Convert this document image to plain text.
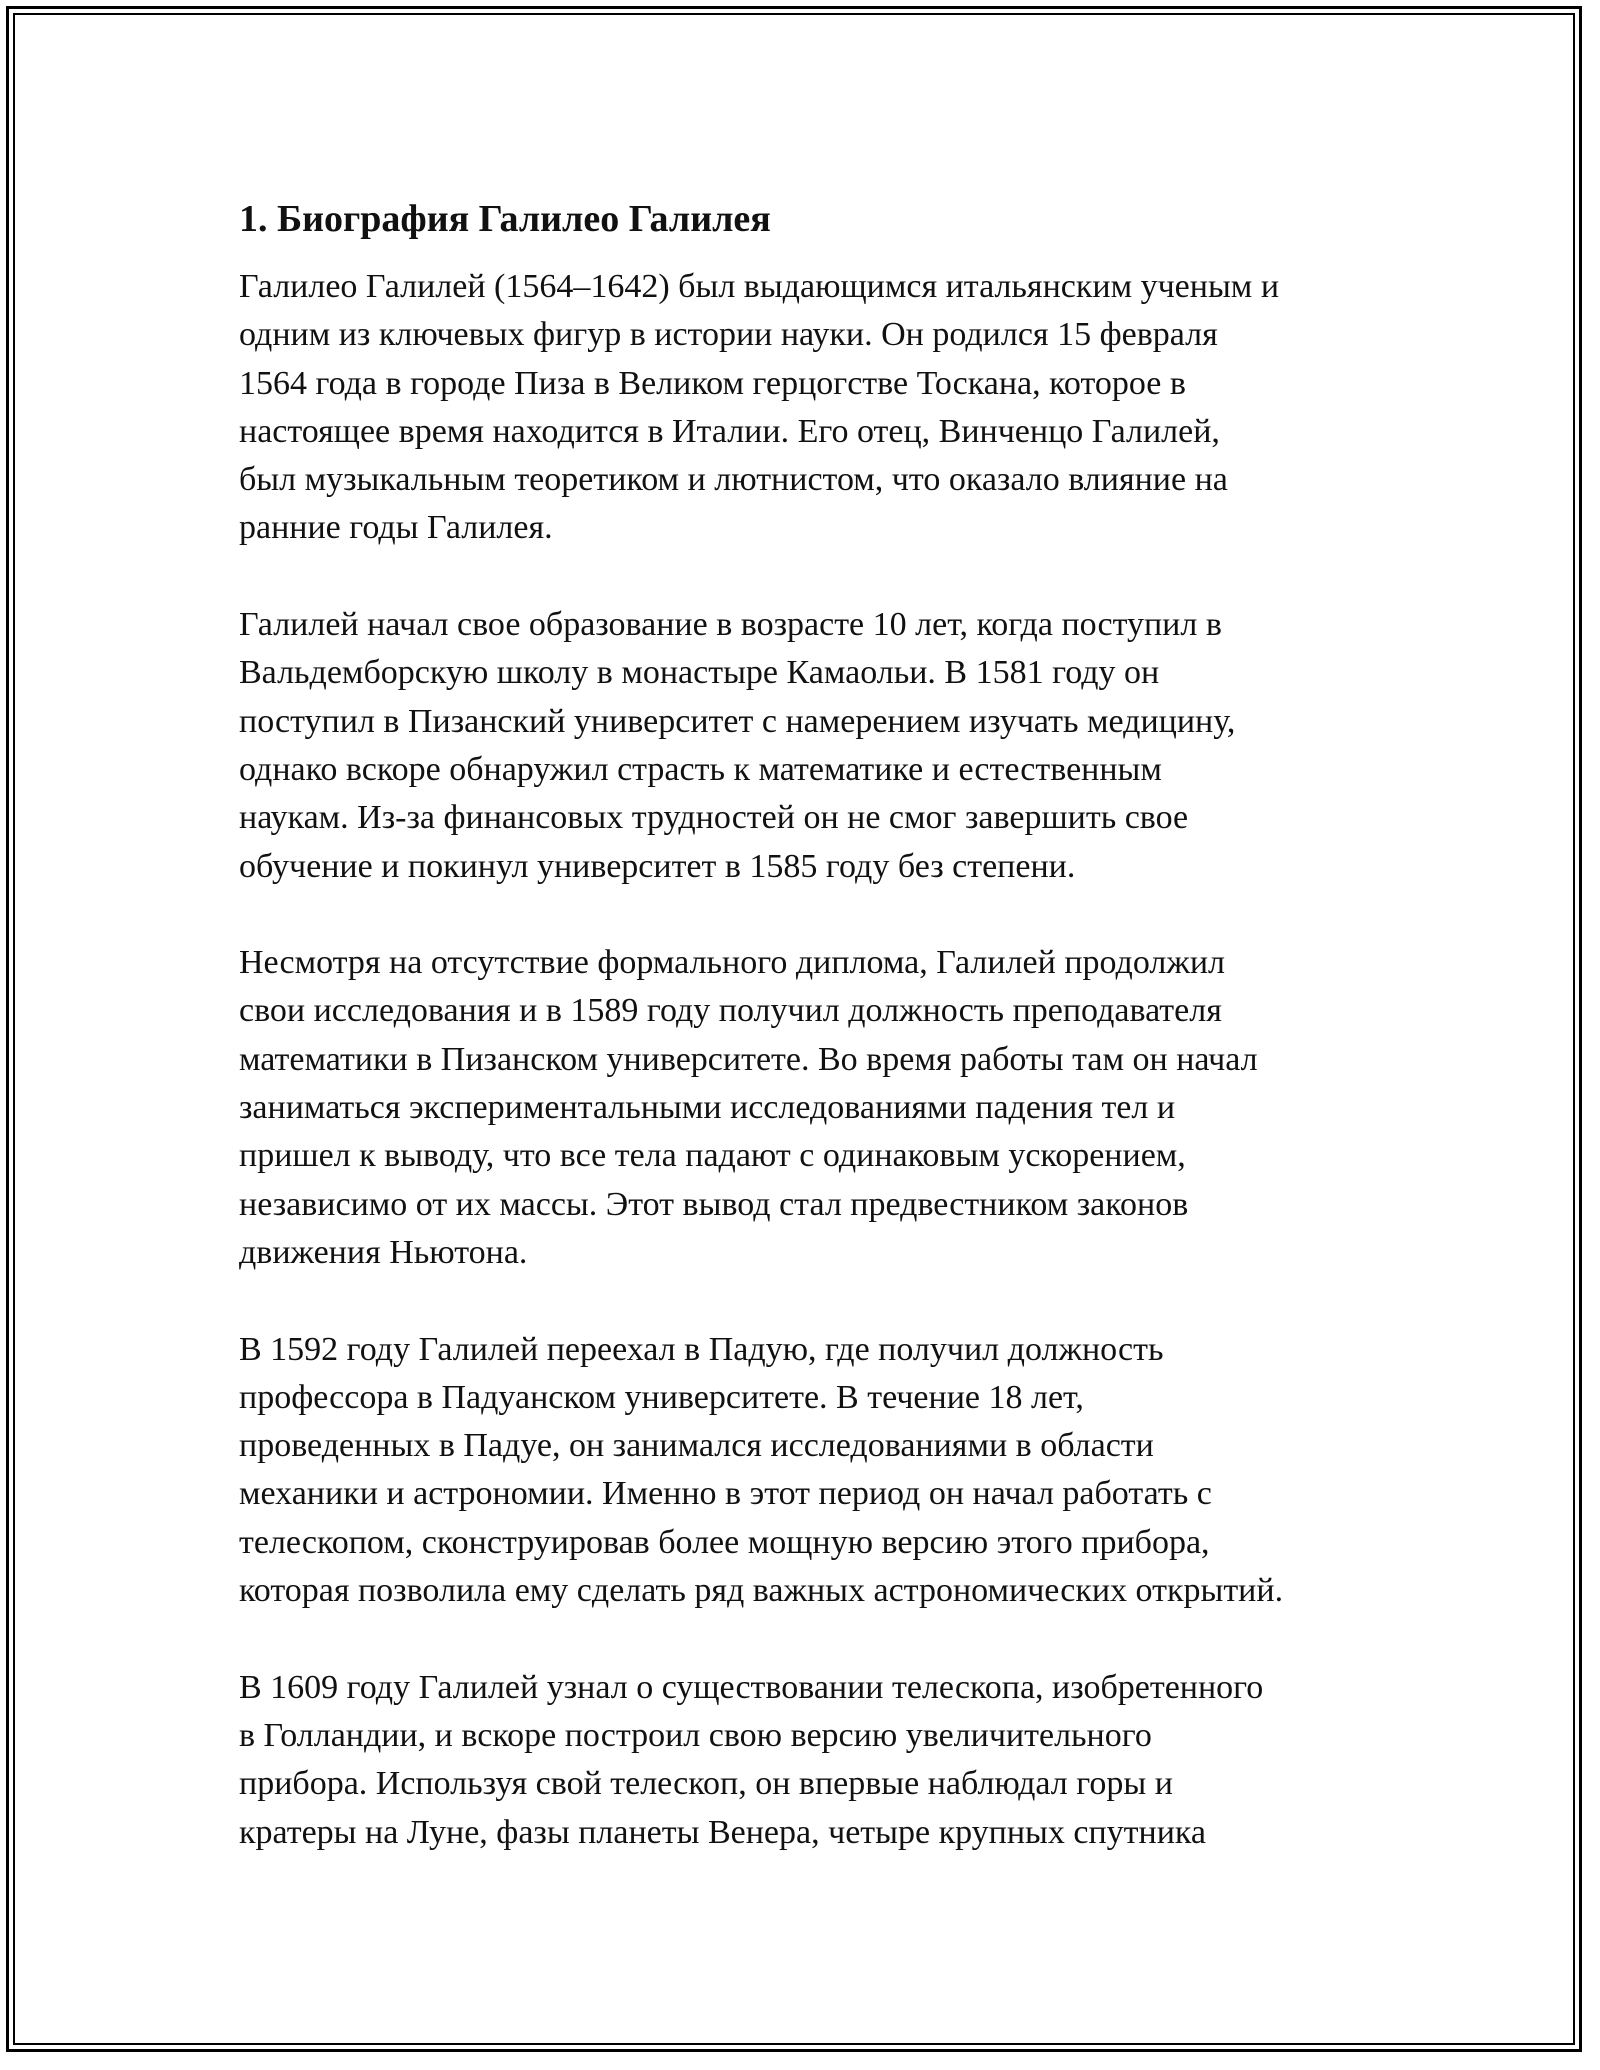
1. Биография Галилео Галилея

Галилео Галилей (1564–1642) был выдающимся итальянским ученым и
одним из ключевых фигур в истории науки. Он родился 15 февраля
1564 года в городе Пиза в Великом герцогстве Тоскана, которое в
настоящее время находится в Италии. Его отец, Винченцо Галилей,
был музыкальным теоретиком и лютнистом, что оказало влияние на
ранние годы Галилея.

Галилей начал свое образование в возрасте 10 лет, когда поступил в
Вальдемборскую школу в монастыре Камаольи. В 1581 году он
поступил в Пизанский университет с намерением изучать медицину,
однако вскоре обнаружил страсть к математике и естественным
наукам. Из-за финансовых трудностей он не смог завершить свое
обучение и покинул университет в 1585 году без степени.

Несмотря на отсутствие формального диплома, Галилей продолжил
свои исследования и в 1589 году получил должность преподавателя
математики в Пизанском университете. Во время работы там он начал
заниматься экспериментальными исследованиями падения тел и
пришел к выводу, что все тела падают с одинаковым ускорением,
независимо от их массы. Этот вывод стал предвестником законов
движения Ньютона.

В 1592 году Галилей переехал в Падую, где получил должность
профессора в Падуанском университете. В течение 18 лет,
проведенных в Падуе, он занимался исследованиями в области
механики и астрономии. Именно в этот период он начал работать с
телескопом, сконструировав более мощную версию этого прибора,
которая позволила ему сделать ряд важных астрономических открытий.

В 1609 году Галилей узнал о существовании телескопа, изобретенного
в Голландии, и вскоре построил свою версию увеличительного
прибора. Используя свой телескоп, он впервые наблюдал горы и
кратеры на Луне, фазы планеты Венера, четыре крупных спутника
